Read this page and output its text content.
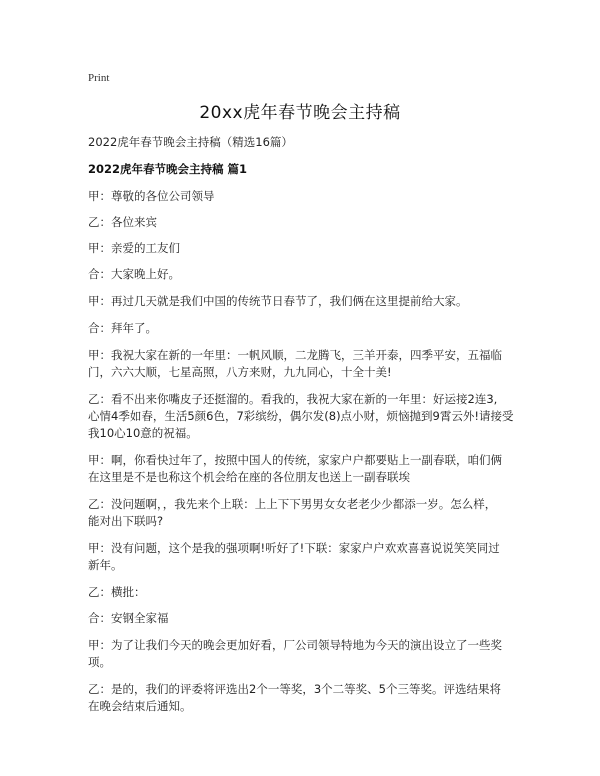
Print
20xx虎年春节晚会主持稿
2022虎年春节晚会主持稿（精选16篇）
2022虎年春节晚会主持稿 篇1
甲：尊敬的各位公司领导
乙：各位来宾
甲：亲爱的工友们
合：大家晚上好。
甲：再过几天就是我们中国的传统节日春节了，我们俩在这里提前给大家。
合：拜年了。
甲：我祝大家在新的一年里：一帆风顺，二龙腾飞，三羊开泰，四季平安，五福临
门，六六大顺，七星高照，八方来财，九九同心，十全十美!
乙：看不出来你嘴皮子还挺溜的。看我的，我祝大家在新的一年里：好运接2连3,
心情4季如春，生活5颜6色，7彩缤纷，偶尔发(8)点小财，烦恼抛到9霄云外!请接受
我10心10意的祝福。
甲：啊，你看快过年了，按照中国人的传统，家家户户都要贴上一副春联，咱们俩
在这里是不是也称这个机会给在座的各位朋友也送上一副春联埃
乙：没问题啊，，我先来个上联：上上下下男男女女老老少少都添一岁。怎么样，
能对出下联吗?
甲：没有问题，这个是我的强项啊!听好了!下联：家家户户欢欢喜喜说说笑笑同过
新年。
乙：横批：
合：安钢全家福
甲：为了让我们今天的晚会更加好看，厂公司领导特地为今天的演出设立了一些奖
项。
乙：是的，我们的评委将评选出2个一等奖，3个二等奖、5个三等奖。评选结果将
在晚会结束后通知。
